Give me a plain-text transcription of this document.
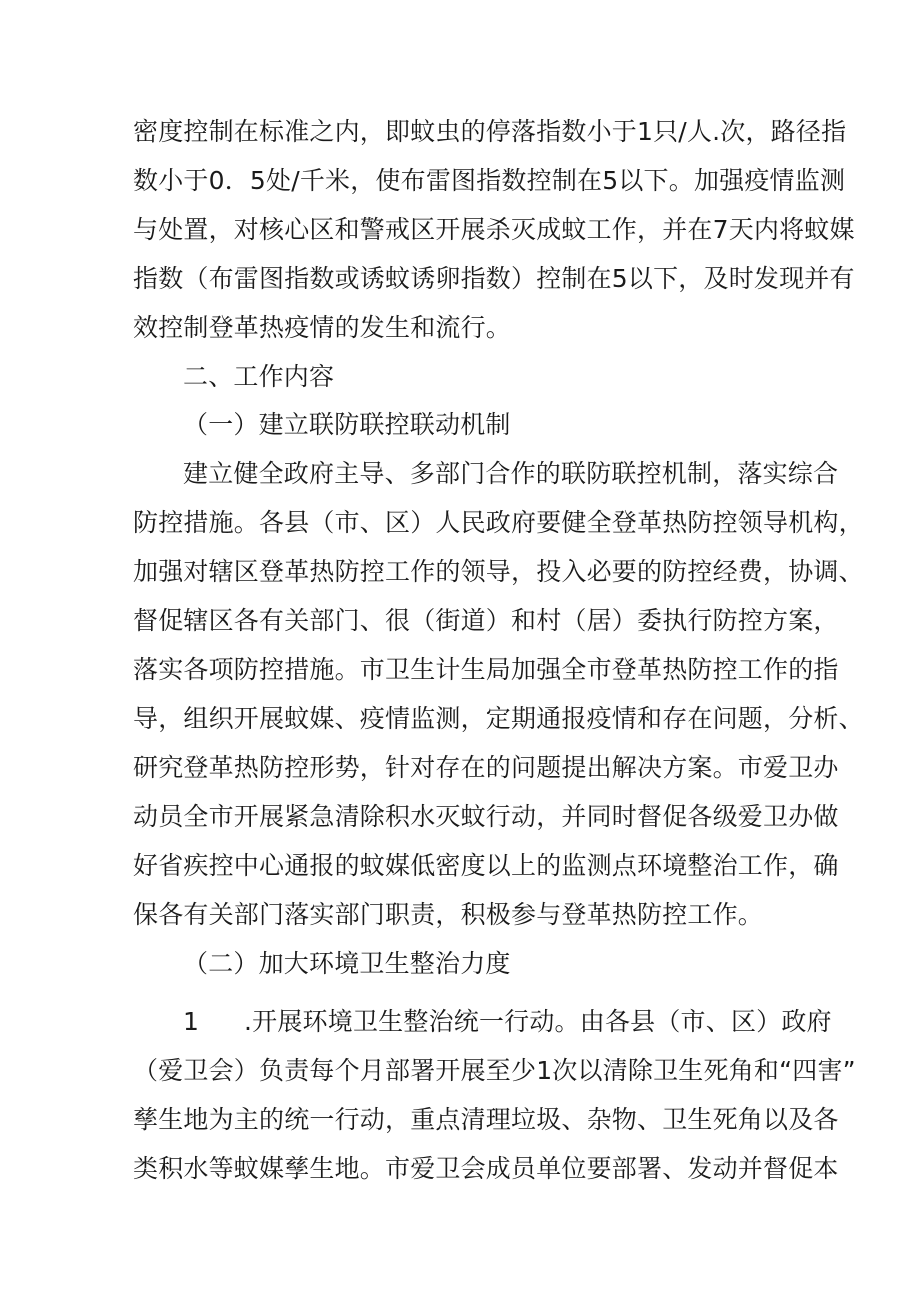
密度控制在标准之内，即蚊虫的停落指数小于1只/人.次，路径指
数小于0．5处/千米，使布雷图指数控制在5以下。加强疫情监测
与处置，对核心区和警戒区开展杀灭成蚊工作，并在7天内将蚊媒
指数（布雷图指数或诱蚊诱卵指数）控制在5以下，及时发现并有
效控制登革热疫情的发生和流行。
二、工作内容
（一）建立联防联控联动机制
建立健全政府主导、多部门合作的联防联控机制，落实综合
防控措施。各县（市、区）人民政府要健全登革热防控领导机构，
加强对辖区登革热防控工作的领导，投入必要的防控经费，协调、
督促辖区各有关部门、很（街道）和村（居）委执行防控方案，
落实各项防控措施。市卫生计生局加强全市登革热防控工作的指
导，组织开展蚊媒、疫情监测，定期通报疫情和存在问题，分析、
研究登革热防控形势，针对存在的问题提出解决方案。市爱卫办
动员全市开展紧急清除积水灭蚊行动，并同时督促各级爱卫办做
好省疾控中心通报的蚊媒低密度以上的监测点环境整治工作，确
保各有关部门落实部门职责，积极参与登革热防控工作。
（二）加大环境卫生整治力度
1 .开展环境卫生整治统一行动。由各县（市、区）政府
（爱卫会）负责每个月部署开展至少1次以清除卫生死角和“四害”
孳生地为主的统一行动，重点清理垃圾、杂物、卫生死角以及各
类积水等蚊媒孳生地。市爱卫会成员单位要部署、发动并督促本
